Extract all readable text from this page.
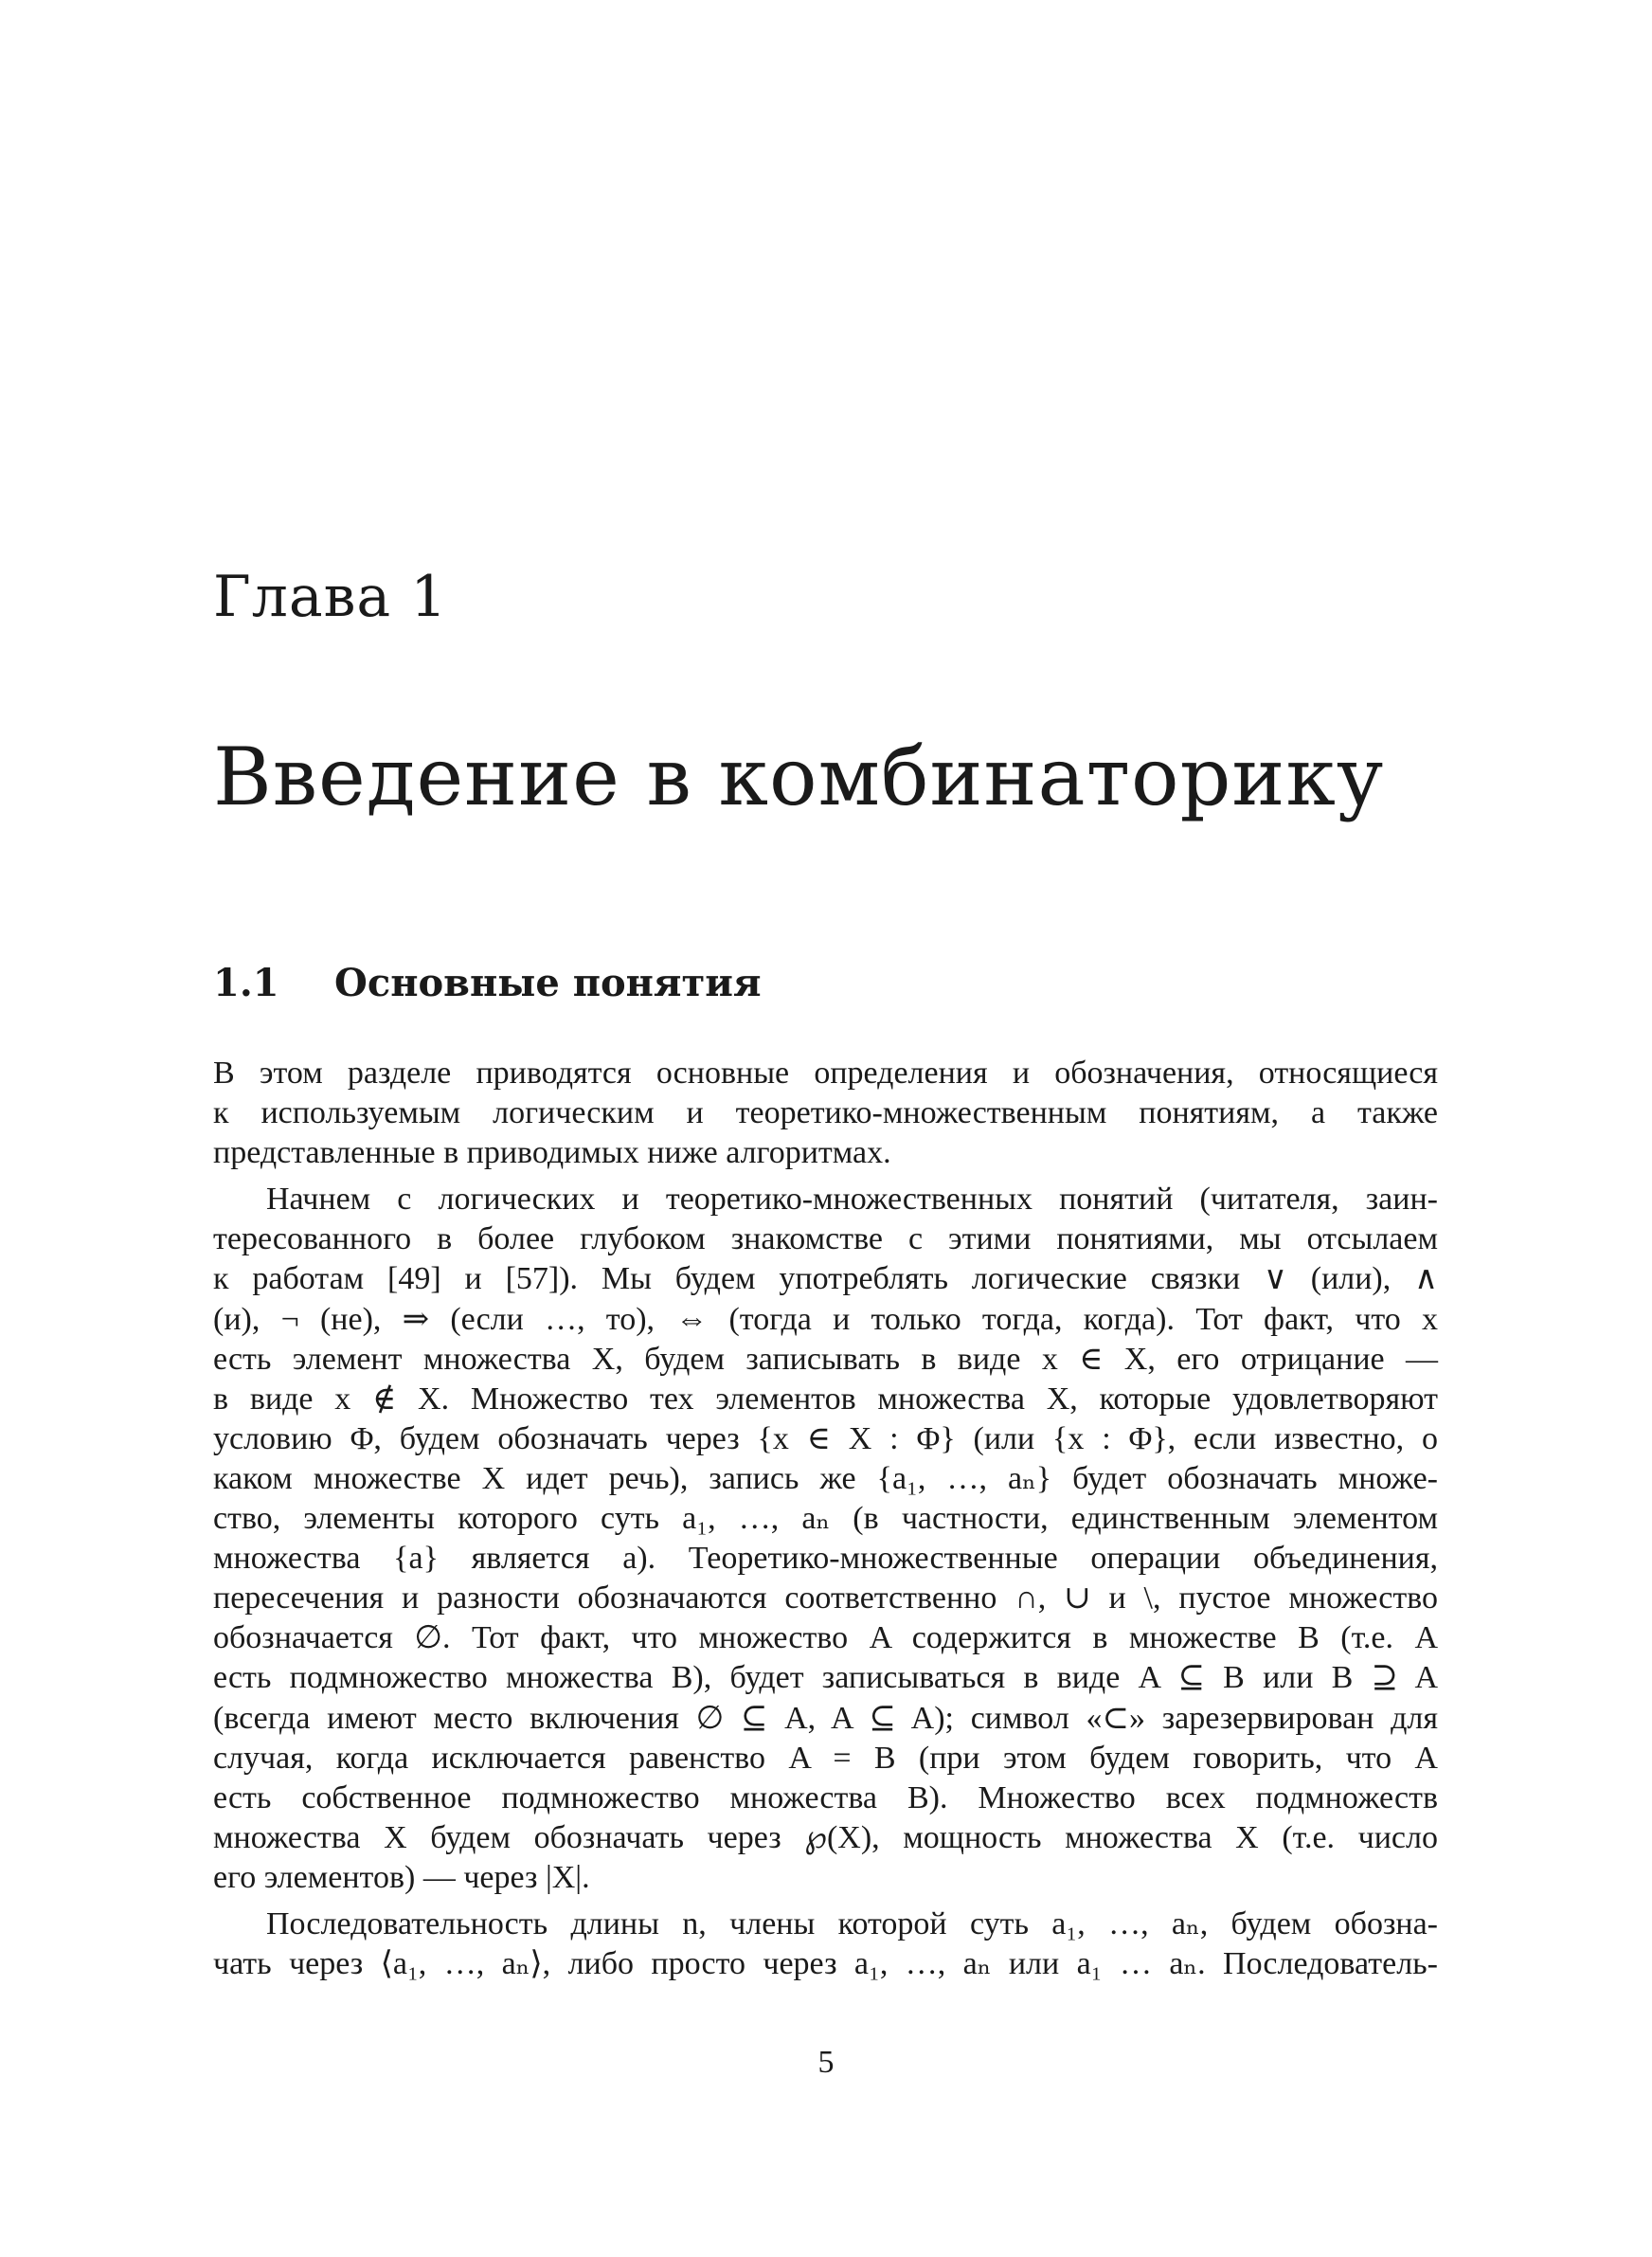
Глава 1
Введение в комбинаторику
1.1 Основные понятия
В этом разделе приводятся основные определения и обозначения, относящиеся
к используемым логическим и теоретико-множественным понятиям, а также
представленные в приводимых ниже алгоритмах.
Начнем с логических и теоретико-множественных понятий (читателя, заин-
тересованного в более глубоком знакомстве с этими понятиями, мы отсылаем
к работам [49] и [57]). Мы будем употреблять логические связки ∨ (или), ∧
(и), ¬ (не), ⇒ (если …, то), ⇔ (тогда и только тогда, когда). Тот факт, что x
есть элемент множества X, будем записывать в виде x ∈ X, его отрицание —
в виде x ∉ X. Множество тех элементов множества X, которые удовлетворяют
условию Φ, будем обозначать через {x ∈ X : Φ} (или {x : Φ}, если известно, о
каком множестве X идет речь), запись же {a₁, …, aₙ} будет обозначать множе-
ство, элементы которого суть a₁, …, aₙ (в частности, единственным элементом
множества {a} является a). Теоретико-множественные операции объединения,
пересечения и разности обозначаются соответственно ∩, ∪ и \, пустое множество
обозначается ∅. Тот факт, что множество A содержится в множестве B (т.е. A
есть подмножество множества B), будет записываться в виде A ⊆ B или B ⊇ A
(всегда имеют место включения ∅ ⊆ A, A ⊆ A); символ «⊂» зарезервирован для
случая, когда исключается равенство A = B (при этом будем говорить, что A
есть собственное подмножество множества B). Множество всех подмножеств
множества X будем обозначать через ℘(X), мощность множества X (т.е. число
его элементов) — через |X|.
Последовательность длины n, члены которой суть a₁, …, aₙ, будем обозна-
чать через ⟨a₁, …, aₙ⟩, либо просто через a₁, …, aₙ или a₁ … aₙ. Последователь-
5
